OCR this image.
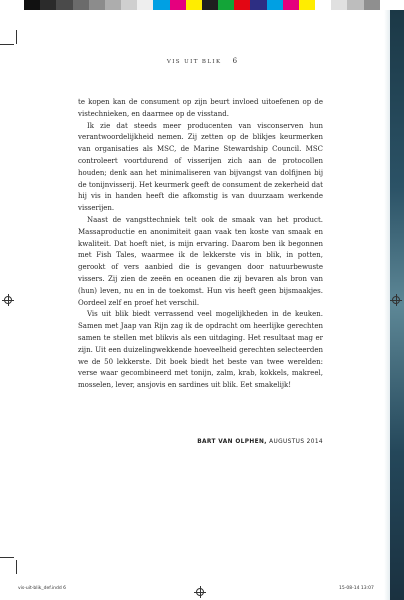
VIS UIT BLIK 6

te kopen kan de consument op zijn beurt invloed uitoefenen op de vistechnieken, en daarmee op de visstand.

Ik zie dat steeds meer producenten van visconserven hun verantwoordelijkheid nemen. Zij zetten op de blikjes keurmerken van organisaties als MSC, de Marine Stewardship Council. MSC controleert voortdurend of visserijen zich aan de protocollen houden; denk aan het minimaliseren van bijvangst van dolfijnen bij de tonijnvisserij. Het keurmerk geeft de consument de zekerheid dat hij vis in handen heeft die afkomstig is van duurzaam werkende visserijen.

Naast de vangsttechniek telt ook de smaak van het product. Massaproductie en anonimiteit gaan vaak ten koste van smaak en kwaliteit. Dat hoeft niet, is mijn ervaring. Daarom ben ik begonnen met Fish Tales, waarmee ik de lekkerste vis in blik, in potten, gerookt of vers aanbied die is gevangen door natuurbewuste vissers. Zij zien de zeeën en oceanen die zij bevaren als bron van (hun) leven, nu en in de toekomst. Hun vis heeft geen bijsmaakjes. Oordeel zelf en proef het verschil.

Vis uit blik biedt verrassend veel mogelijkheden in de keuken. Samen met Jaap van Rijn zag ik de opdracht om heerlijke gerechten samen te stellen met blikvis als een uitdaging. Het resultaat mag er zijn. Uit een duizelingwekkende hoeveelheid gerechten selecteerden we de 50 lekkerste. Dit boek biedt het beste van twee werelden: verse waar gecombineerd met tonijn, zalm, krab, kokkels, makreel, mosselen, lever, ansjovis en sardines uit blik. Eet smakelijk!

BART VAN OLPHEN, AUGUSTUS 2014
vis-uit-blik_def.indd 6	15-08-14 13:07
